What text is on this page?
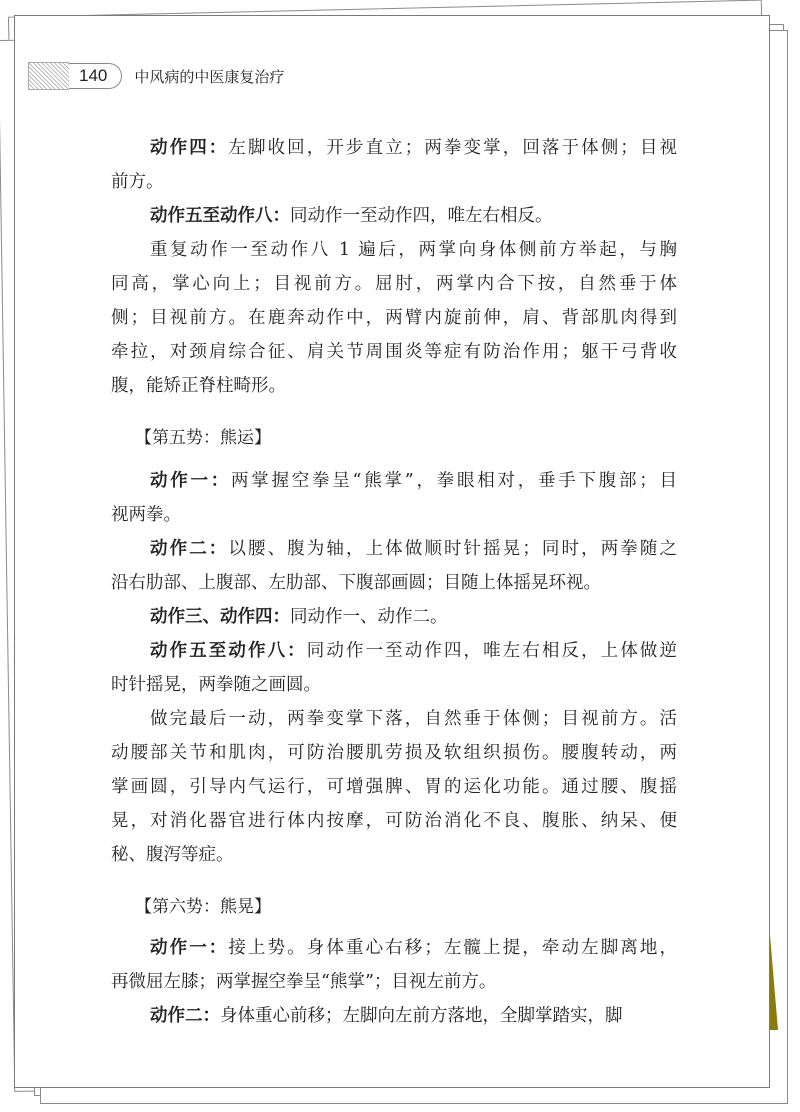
140	中风病的中医康复治疗
动作四：左脚收回，开步直立；两拳变掌，回落于体侧；目视
前方。
动作五至动作八：同动作一至动作四，唯左右相反。
重复动作一至动作八 1 遍后，两掌向身体侧前方举起，与胸
同高，掌心向上；目视前方。屈肘，两掌内合下按，自然垂于体
侧；目视前方。在鹿奔动作中，两臂内旋前伸，肩、背部肌肉得到
牵拉，对颈肩综合征、肩关节周围炎等症有防治作用；躯干弓背收
腹，能矫正脊柱畸形。
【第五势：熊运】
动作一：两掌握空拳呈“熊掌”，拳眼相对，垂手下腹部；目
视两拳。
动作二：以腰、腹为轴，上体做顺时针摇晃；同时，两拳随之
沿右肋部、上腹部、左肋部、下腹部画圆；目随上体摇晃环视。
动作三、动作四：同动作一、动作二。
动作五至动作八：同动作一至动作四，唯左右相反，上体做逆
时针摇晃，两拳随之画圆。
做完最后一动，两拳变掌下落，自然垂于体侧；目视前方。活
动腰部关节和肌肉，可防治腰肌劳损及软组织损伤。腰腹转动，两
掌画圆，引导内气运行，可增强脾、胃的运化功能。通过腰、腹摇
晃，对消化器官进行体内按摩，可防治消化不良、腹胀、纳呆、便
秘、腹泻等症。
【第六势：熊晃】
动作一：接上势。身体重心右移；左髋上提，牵动左脚离地，
再微屈左膝；两掌握空拳呈“熊掌”；目视左前方。
动作二：身体重心前移；左脚向左前方落地，全脚掌踏实，脚
